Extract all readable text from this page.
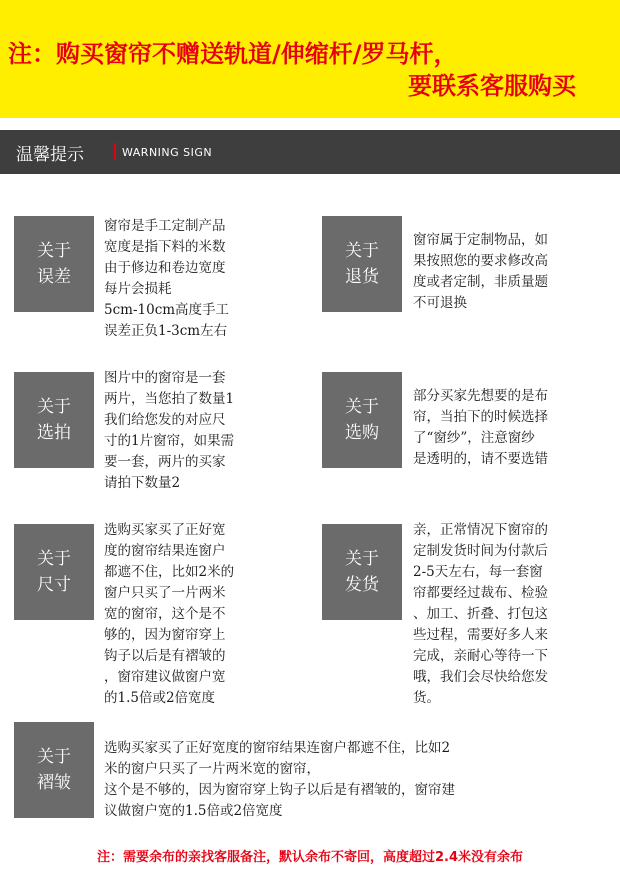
注：购买窗帘不赠送轨道/伸缩杆/罗马杆，
要联系客服购买
温馨提示	WARNING SIGN
关于
误差
窗帘是手工定制产品
宽度是指下料的米数
由于修边和卷边宽度
每片会损耗
5cm-10cm高度手工
误差正负1-3cm左右
关于
退货
窗帘属于定制物品，如
果按照您的要求修改高
度或者定制，非质量题
不可退换
关于
选拍
图片中的窗帘是一套
两片，当您拍了数量1
我们给您发的对应尺
寸的1片窗帘，如果需
要一套，两片的买家
请拍下数量2
关于
选购
部分买家先想要的是布
帘，当拍下的时候选择
了“窗纱”，注意窗纱
是透明的，请不要选错
关于
尺寸
选购买家买了正好宽
度的窗帘结果连窗户
都遮不住，比如2米的
窗户只买了一片两米
宽的窗帘，这个是不
够的，因为窗帘穿上
钩子以后是有褶皱的
，窗帘建议做窗户宽
的1.5倍或2倍宽度
关于
发货
亲，正常情况下窗帘的
定制发货时间为付款后
2-5天左右，每一套窗
帘都要经过裁布、检验
、加工、折叠、打包这
些过程，需要好多人来
完成，亲耐心等待一下
哦，我们会尽快给您发
货。
关于
褶皱
选购买家买了正好宽度的窗帘结果连窗户都遮不住，比如2
米的窗户只买了一片两米宽的窗帘，
这个是不够的，因为窗帘穿上钩子以后是有褶皱的，窗帘建
议做窗户宽的1.5倍或2倍宽度
注：需要余布的亲找客服备注，默认余布不寄回，高度超过2.4米没有余布
